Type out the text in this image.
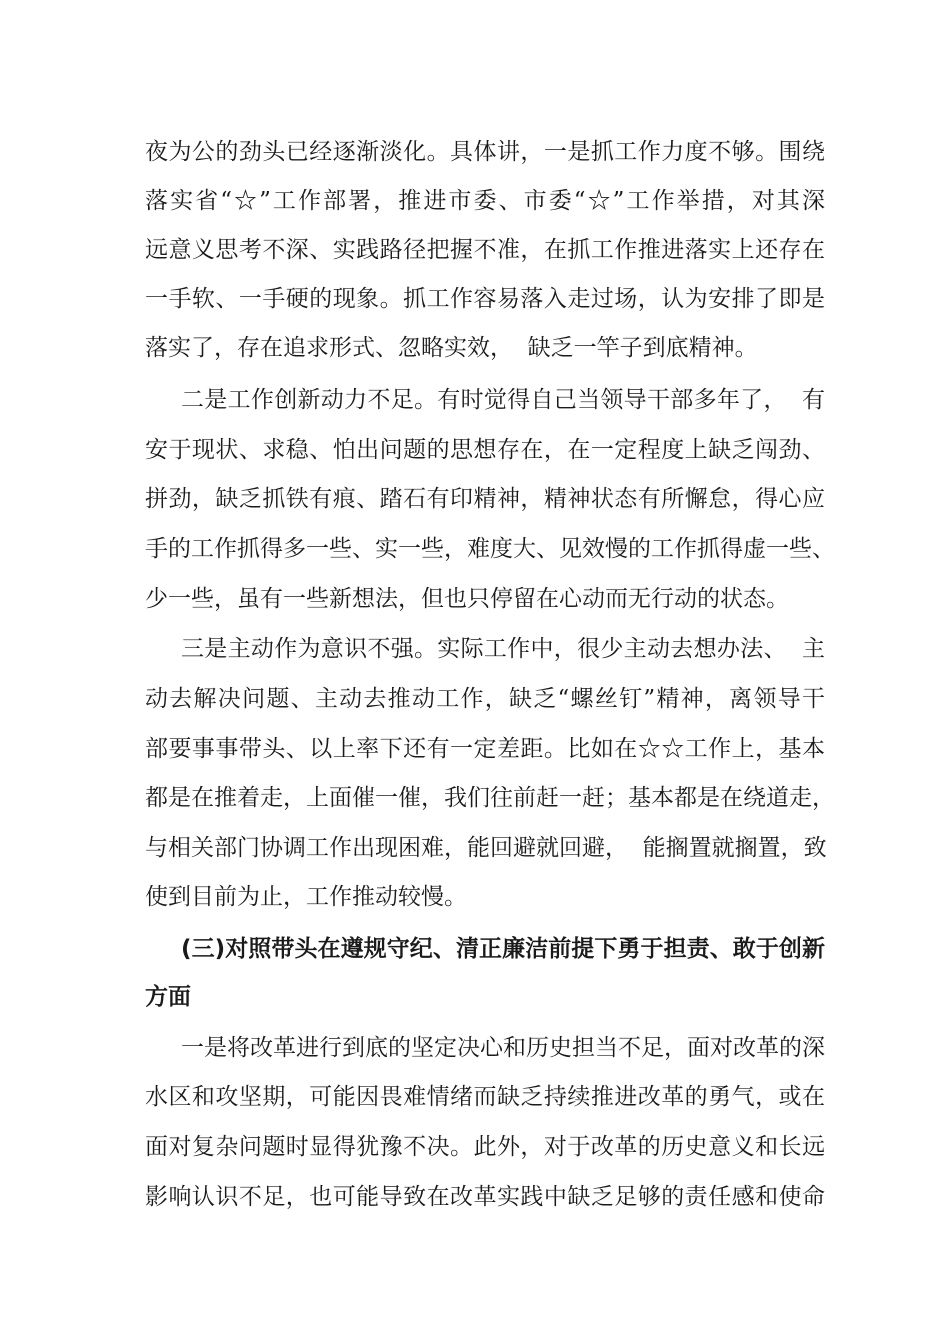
夜为公的劲头已经逐渐淡化。具体讲，一是抓工作力度不够。围绕
落实省“☆”工作部署，推进市委、市委“☆”工作举措，对其深
远意义思考不深、实践路径把握不准，在抓工作推进落实上还存在
一手软、一手硬的现象。抓工作容易落入走过场，认为安排了即是
落实了，存在追求形式、忽略实效，  缺乏一竿子到底精神。
二是工作创新动力不足。有时觉得自己当领导干部多年了，  有
安于现状、求稳、怕出问题的思想存在，在一定程度上缺乏闯劲、
拼劲，缺乏抓铁有痕、踏石有印精神，精神状态有所懈怠，得心应
手的工作抓得多一些、实一些，难度大、见效慢的工作抓得虚一些、
少一些，虽有一些新想法，但也只停留在心动而无行动的状态。
三是主动作为意识不强。实际工作中，很少主动去想办法、  主
动去解决问题、主动去推动工作，缺乏“螺丝钉”精神，离领导干
部要事事带头、以上率下还有一定差距。比如在☆☆工作上，基本
都是在推着走，上面催一催，我们往前赶一赶；基本都是在绕道走，
与相关部门协调工作出现困难，能回避就回避，  能搁置就搁置，致
使到目前为止，工作推动较慢。
(三)对照带头在遵规守纪、清正廉洁前提下勇于担责、敢于创新
方面
一是将改革进行到底的坚定决心和历史担当不足，面对改革的深
水区和攻坚期，可能因畏难情绪而缺乏持续推进改革的勇气，或在
面对复杂问题时显得犹豫不决。此外，对于改革的历史意义和长远
影响认识不足，也可能导致在改革实践中缺乏足够的责任感和使命
